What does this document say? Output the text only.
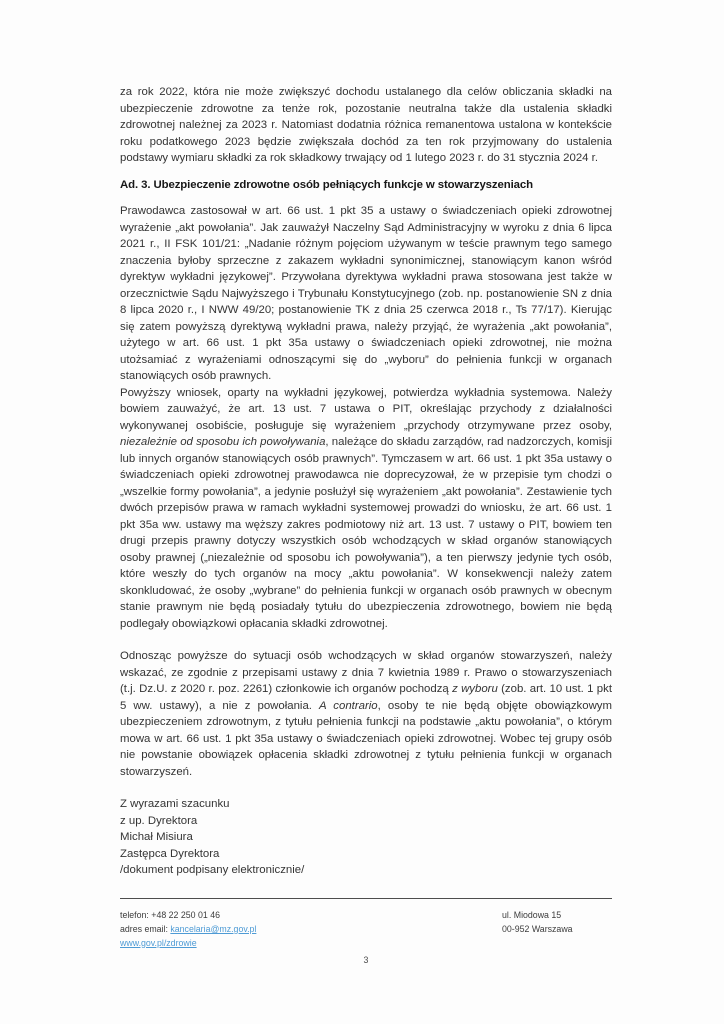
za rok 2022, która nie może zwiększyć dochodu ustalanego dla celów obliczania składki na ubezpieczenie zdrowotne za tenże rok, pozostanie neutralna także dla ustalenia składki zdrowotnej należnej za 2023 r. Natomiast dodatnia różnica remanentowa ustalona w kontekście roku podatkowego 2023 będzie zwiększała dochód za ten rok przyjmowany do ustalenia podstawy wymiaru składki za rok składkowy trwający od 1 lutego 2023 r. do 31 stycznia 2024 r.

Ad. 3. Ubezpieczenie zdrowotne osób pełniących funkcje w stowarzyszeniach

Prawodawca zastosował w art. 66 ust. 1 pkt 35 a ustawy o świadczeniach opieki zdrowotnej wyrażenie „akt powołania”. Jak zauważył Naczelny Sąd Administracyjny w wyroku z dnia 6 lipca 2021 r., II FSK 101/21: „Nadanie różnym pojęciom używanym w teście prawnym tego samego znaczenia byłoby sprzeczne z zakazem wykładni synonimicznej, stanowiącym kanon wśród dyrektyw wykładni językowej”. Przywołana dyrektywa wykładni prawa stosowana jest także w orzecznictwie Sądu Najwyższego i Trybunału Konstytucyjnego (zob. np. postanowienie SN z dnia 8 lipca 2020 r., I NWW 49/20; postanowienie TK z dnia 25 czerwca 2018 r., Ts 77/17). Kierując się zatem powyższą dyrektywą wykładni prawa, należy przyjąć, że wyrażenia „akt powołania”, użytego w art. 66 ust. 1 pkt 35a ustawy o świadczeniach opieki zdrowotnej, nie można utożsamiać z wyrażeniami odnoszącymi się do „wyboru” do pełnienia funkcji w organach stanowiących osób prawnych.

Powyższy wniosek, oparty na wykładni językowej, potwierdza wykładnia systemowa. Należy bowiem zauważyć, że art. 13 ust. 7 ustawa o PIT, określając przychody z działalności wykonywanej osobiście, posługuje się wyrażeniem „przychody otrzymywane przez osoby, niezależnie od sposobu ich powoływania, należące do składu zarządów, rad nadzorczych, komisji lub innych organów stanowiących osób prawnych”. Tymczasem w art. 66 ust. 1 pkt 35a ustawy o świadczeniach opieki zdrowotnej prawodawca nie doprecyzował, że w przepisie tym chodzi o „wszelkie formy powołania”, a jedynie posłużył się wyrażeniem „akt powołania”. Zestawienie tych dwóch przepisów prawa w ramach wykładni systemowej prowadzi do wniosku, że art. 66 ust. 1 pkt 35a ww. ustawy ma węższy zakres podmiotowy niż art. 13 ust. 7 ustawy o PIT, bowiem ten drugi przepis prawny dotyczy wszystkich osób wchodzących w skład organów stanowiących osoby prawnej („niezależnie od sposobu ich powoływania”), a ten pierwszy jedynie tych osób, które weszły do tych organów na mocy „aktu powołania”. W konsekwencji należy zatem skonkludować, że osoby „wybrane” do pełnienia funkcji w organach osób prawnych w obecnym stanie prawnym nie będą posiadały tytułu do ubezpieczenia zdrowotnego, bowiem nie będą podlegały obowiązkowi opłacania składki zdrowotnej.

Odnosząc powyższe do sytuacji osób wchodzących w skład organów stowarzyszeń, należy wskazać, ze zgodnie z przepisami ustawy z dnia 7 kwietnia 1989 r. Prawo o stowarzyszeniach (t.j. Dz.U. z 2020 r. poz. 2261) członkowie ich organów pochodzą z wyboru (zob. art. 10 ust. 1 pkt 5 ww. ustawy), a nie z powołania. A contrario, osoby te nie będą objęte obowiązkowym ubezpieczeniem zdrowotnym, z tytułu pełnienia funkcji na podstawie „aktu powołania”, o którym mowa w art. 66 ust. 1 pkt 35a ustawy o świadczeniach opieki zdrowotnej. Wobec tej grupy osób nie powstanie obowiązek opłacenia składki zdrowotnej z tytułu pełnienia funkcji w organach stowarzyszeń.

Z wyrazami szacunku

z up. Dyrektora

Michał Misiura

Zastępca Dyrektora

/dokument podpisany elektronicznie/

telefon: +48 22 250 01 46
adres email: kancelaria@mz.gov.pl
www.gov.pl/zdrowie
ul. Miodowa 15
00-952 Warszawa
3
